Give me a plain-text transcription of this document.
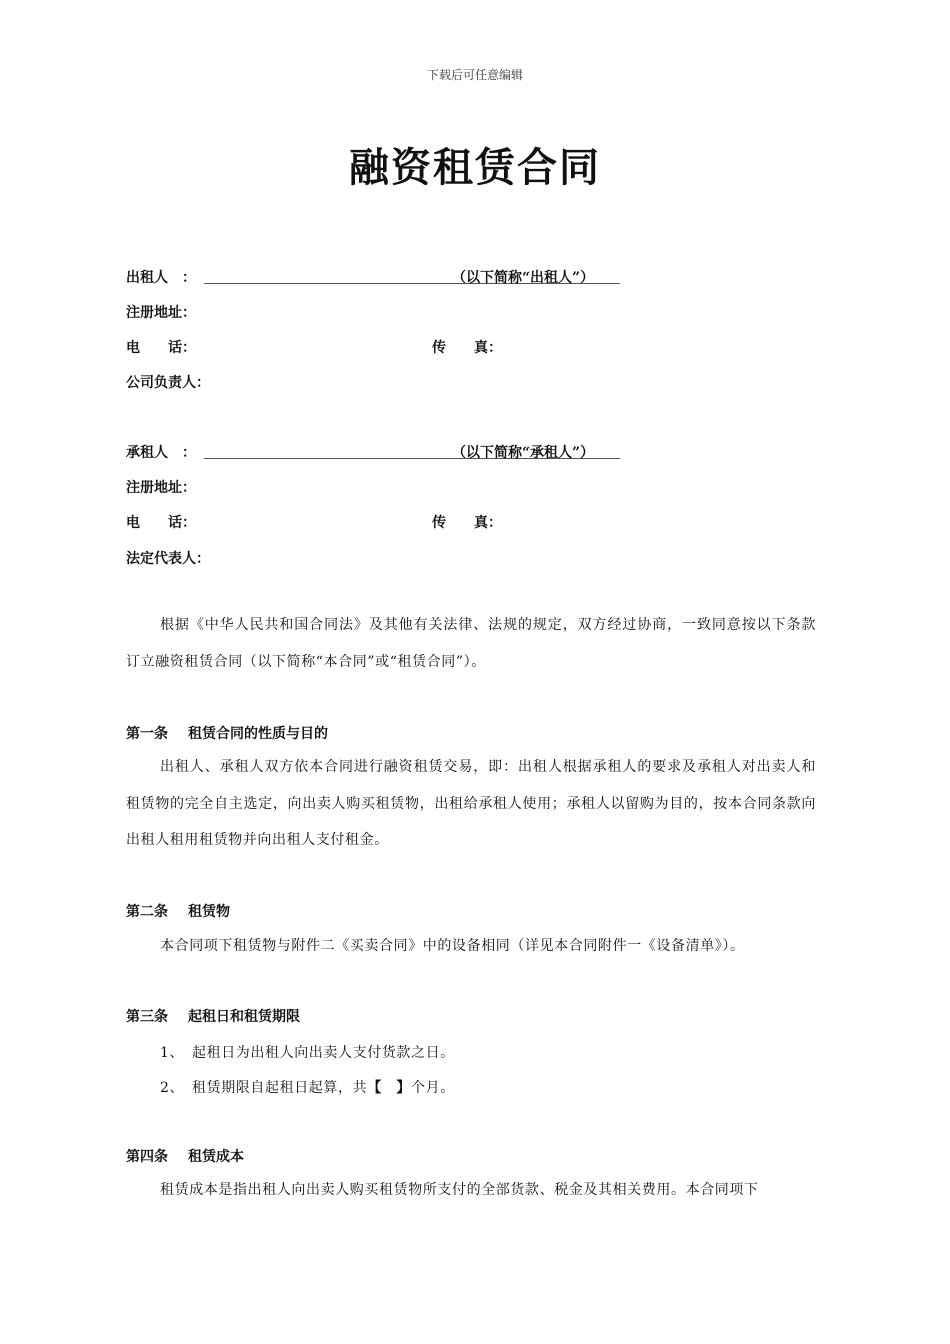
下载后可任意编辑
融资租赁合同
出租人　：	（以下简称“出租人”）
注册地址：
电　　话：	传　　真：
公司负责人：
承租人　：	（以下简称“承租人”）
注册地址：
电　　话：	传　　真：
法定代表人：
根据《中华人民共和国合同法》及其他有关法律、法规的规定，双方经过协商，一致同意按以下条款订立融资租赁合同（以下简称“本合同”或“租赁合同”）。
第一条 租赁合同的性质与目的
出租人、承租人双方依本合同进行融资租赁交易，即：出租人根据承租人的要求及承租人对出卖人和租赁物的完全自主选定，向出卖人购买租赁物，出租给承租人使用；承租人以留购为目的，按本合同条款向出租人租用租赁物并向出租人支付租金。
第二条 租赁物
本合同项下租赁物与附件二《买卖合同》中的设备相同（详见本合同附件一《设备清单》）。
第三条 起租日和租赁期限
1、 起租日为出租人向出卖人支付货款之日。
2、 租赁期限自起租日起算，共【　】个月。
第四条 租赁成本
租赁成本是指出租人向出卖人购买租赁物所支付的全部货款、税金及其相关费用。本合同项下
